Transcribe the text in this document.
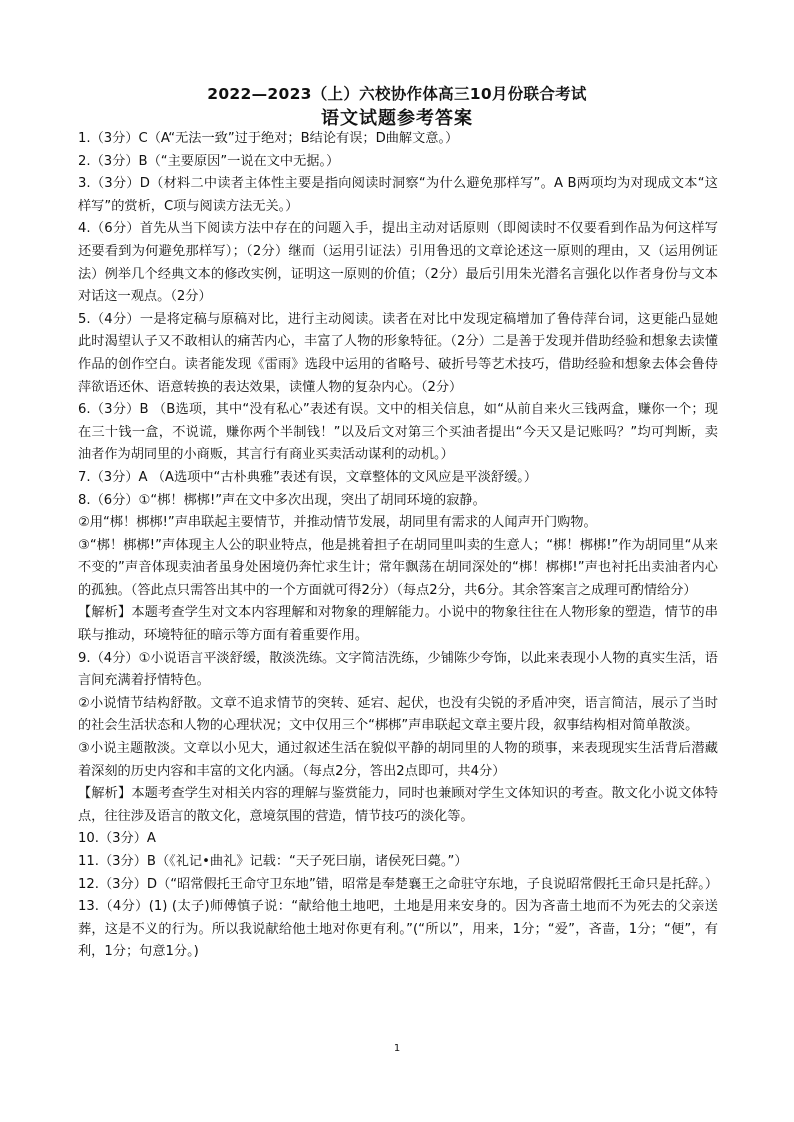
2022—2023（上）六校协作体高三10月份联合考试
语文试题参考答案

1.（3分）C（A“无法一致”过于绝对；B结论有误；D曲解文意。）

2.（3分）B（“主要原因”一说在文中无据。）

3.（3分）D（材料二中读者主体性主要是指向阅读时洞察“为什么避免那样写”。A B两项均为对现成文本“这样写”的赏析，C项与阅读方法无关。）

4.（6分）首先从当下阅读方法中存在的问题入手，提出主动对话原则（即阅读时不仅要看到作品为何这样写还要看到为何避免那样写）；（2分）继而（运用引证法）引用鲁迅的文章论述这一原则的理由，又（运用例证法）例举几个经典文本的修改实例，证明这一原则的价值；（2分）最后引用朱光潜名言强化以作者身份与文本对话这一观点。（2分）

5.（4分）一是将定稿与原稿对比，进行主动阅读。读者在对比中发现定稿增加了鲁侍萍台词，这更能凸显她此时渴望认子又不敢相认的痛苦内心，丰富了人物的形象特征。（2分）二是善于发现并借助经验和想象去读懂作品的创作空白。读者能发现《雷雨》选段中运用的省略号、破折号等艺术技巧，借助经验和想象去体会鲁侍萍欲语还休、语意转换的表达效果，读懂人物的复杂内心。（2分）

6.（3分）B （B选项，其中“没有私心”表述有误。文中的相关信息，如“从前自来火三钱两盒，赚你一个；现在三十钱一盒，不说谎，赚你两个半制钱！”以及后文对第三个买油者提出“今天又是记账吗？”均可判断，卖油者作为胡同里的小商贩，其言行有商业买卖活动谋利的动机。）

7.（3分）A （A选项中“古朴典雅”表述有误，文章整体的文风应是平淡舒缓。）

8.（6分）①“梆！梆梆!”声在文中多次出现，突出了胡同环境的寂静。

②用“梆！梆梆!”声串联起主要情节，并推动情节发展，胡同里有需求的人闻声开门购物。

③“梆！梆梆!”声体现主人公的职业特点，他是挑着担子在胡同里叫卖的生意人；“梆！梆梆!”作为胡同里“从来不变的”声音体现卖油者虽身处困境仍奔忙求生计；常年飘荡在胡同深处的“梆！梆梆!”声也衬托出卖油者内心的孤独。（答此点只需答出其中的一个方面就可得2分）（每点2分，共6分。其余答案言之成理可酌情给分）

【解析】本题考查学生对文本内容理解和对物象的理解能力。小说中的物象往往在人物形象的塑造，情节的串联与推动，环境特征的暗示等方面有着重要作用。

9.（4分）①小说语言平淡舒缓，散淡洗练。文字简洁洗练，少铺陈少夸饰，以此来表现小人物的真实生活，语言间充满着抒情特色。

②小说情节结构舒散。文章不追求情节的突转、延宕、起伏，也没有尖锐的矛盾冲突，语言简洁，展示了当时的社会生活状态和人物的心理状况；文中仅用三个“梆梆”声串联起文章主要片段，叙事结构相对简单散淡。

③小说主题散淡。文章以小见大，通过叙述生活在貌似平静的胡同里的人物的琐事，来表现现实生活背后潜藏着深刻的历史内容和丰富的文化内涵。（每点2分，答出2点即可，共4分）

【解析】本题考查学生对相关内容的理解与鉴赏能力，同时也兼顾对学生文体知识的考查。散文化小说文体特点，往往涉及语言的散文化，意境氛围的营造，情节技巧的淡化等。

10.（3分）A

11.（3分）B（《礼记•曲礼》记载：“天子死曰崩，诸侯死曰薨。”）

12.（3分）D（“昭常假托王命守卫东地”错，昭常是奉楚襄王之命驻守东地，子良说昭常假托王命只是托辞。）

13.（4分）(1) (太子)师傅慎子说：“献给他土地吧，土地是用来安身的。因为吝啬土地而不为死去的父亲送葬，这是不义的行为。所以我说献给他土地对你更有利。”(“所以”，用来，1分；“爱”，吝啬，1分；“便”，有利，1分；句意1分。)

1
